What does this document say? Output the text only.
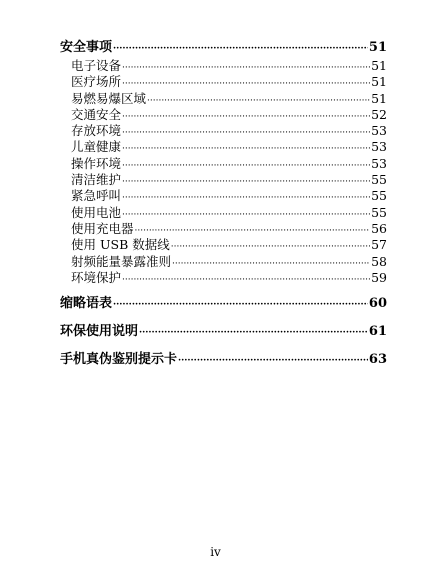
安全事项 ·····	51
电子设备 ·····	51
医疗场所 ·····	51
易燃易爆区域 ·····	51
交通安全 ·····	52
存放环境 ·····	53
儿童健康 ·····	53
操作环境 ·····	53
清洁维护 ·····	55
紧急呼叫 ·····	55
使用电池 ·····	55
使用充电器 ·····	56
使用 USB 数据线 ·····	57
射频能量暴露准则 ·····	58
环境保护 ·····	59
缩略语表 ·····	60
环保使用说明 ·····	61
手机真伪鉴别提示卡 ·····	63
iv
